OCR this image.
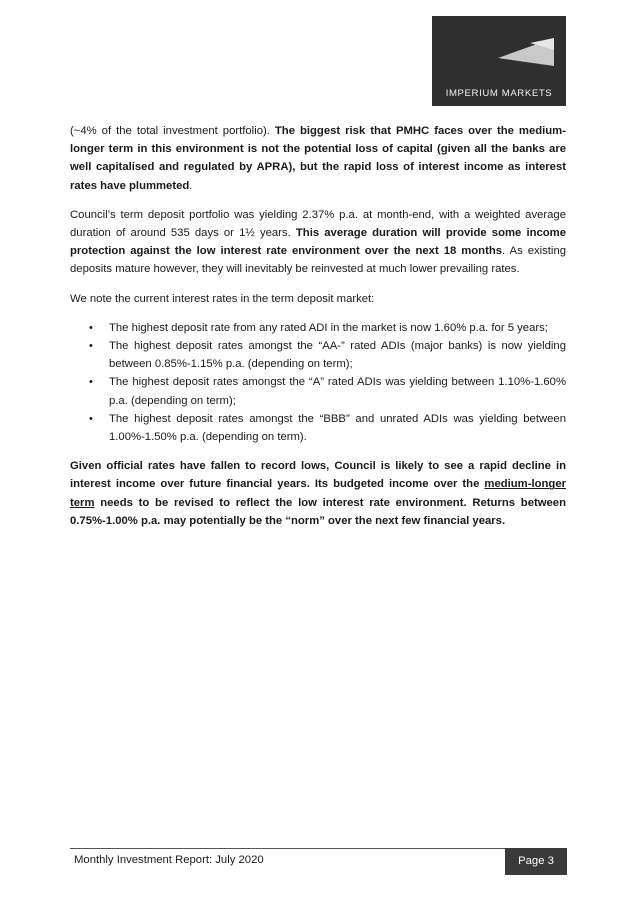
IMPERIUM MARKETS

(~4% of the total investment portfolio). The biggest risk that PMHC faces over the medium-longer term in this environment is not the potential loss of capital (given all the banks are well capitalised and regulated by APRA), but the rapid loss of interest income as interest rates have plummeted.

Council’s term deposit portfolio was yielding 2.37% p.a. at month-end, with a weighted average duration of around 535 days or 1½ years. This average duration will provide some income protection against the low interest rate environment over the next 18 months. As existing deposits mature however, they will inevitably be reinvested at much lower prevailing rates.

We note the current interest rates in the term deposit market:

• The highest deposit rate from any rated ADI in the market is now 1.60% p.a. for 5 years;
• The highest deposit rates amongst the “AA-” rated ADIs (major banks) is now yielding between 0.85%-1.15% p.a. (depending on term);
• The highest deposit rates amongst the “A” rated ADIs was yielding between 1.10%-1.60% p.a. (depending on term);
• The highest deposit rates amongst the “BBB” and unrated ADIs was yielding between 1.00%-1.50% p.a. (depending on term).

Given official rates have fallen to record lows, Council is likely to see a rapid decline in interest income over future financial years. Its budgeted income over the medium-longer term needs to be revised to reflect the low interest rate environment. Returns between 0.75%-1.00% p.a. may potentially be the “norm” over the next few financial years.

Monthly Investment Report: July 2020	Page 3
